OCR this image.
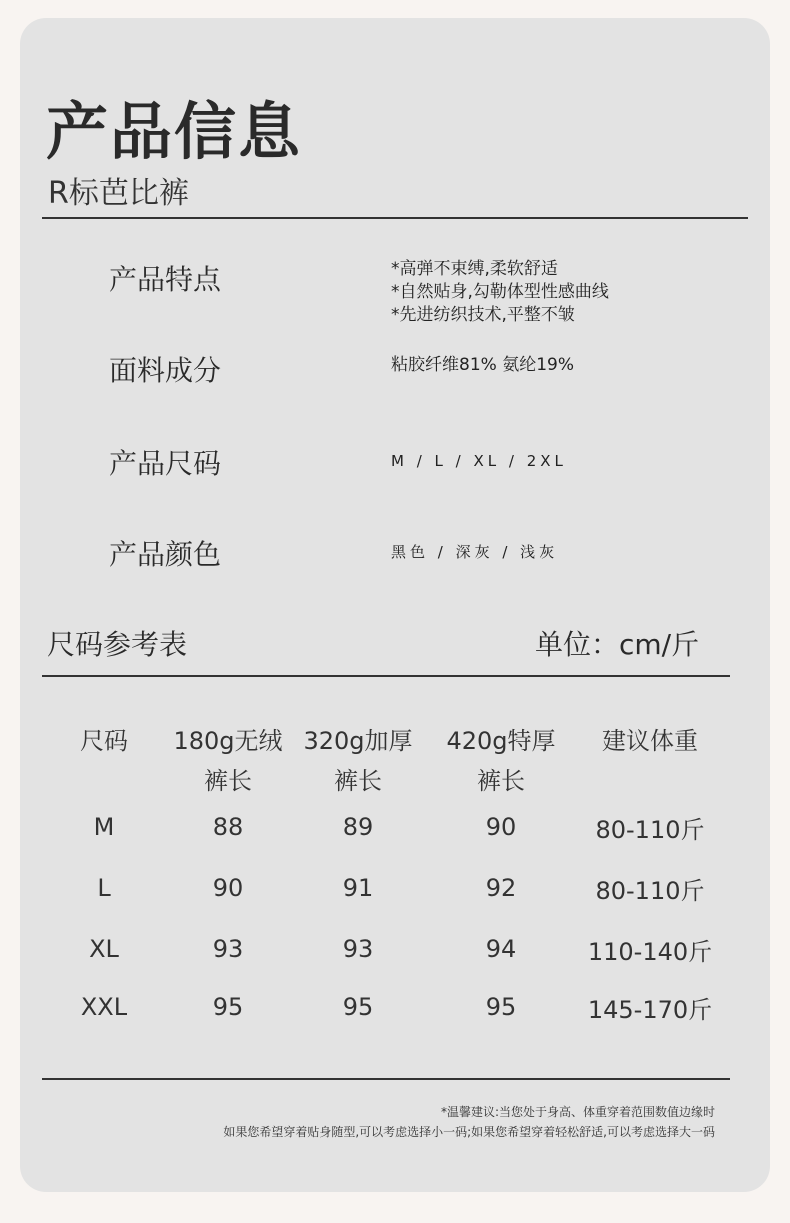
产品信息
R标芭比裤
产品特点	*高弹不束缚,柔软舒适
*自然贴身,勾勒体型性感曲线
*先进纺织技术,平整不皱
面料成分	粘胶纤维81% 氨纶19%
产品尺码	M / L / XL / 2XL
产品颜色	黑色 / 深灰 / 浅灰
尺码参考表	单位：cm/斤
尺码	180g无绒	320g加厚	420g特厚	建议体重
	裤长	裤长	裤长	
M	88	89	90	80-110斤
L	90	91	92	80-110斤
XL	93	93	94	110-140斤
XXL	95	95	95	145-170斤
*温馨建议:当您处于身高、体重穿着范围数值边缘时
如果您希望穿着贴身随型,可以考虑选择小一码;如果您希望穿着轻松舒适,可以考虑选择大一码
